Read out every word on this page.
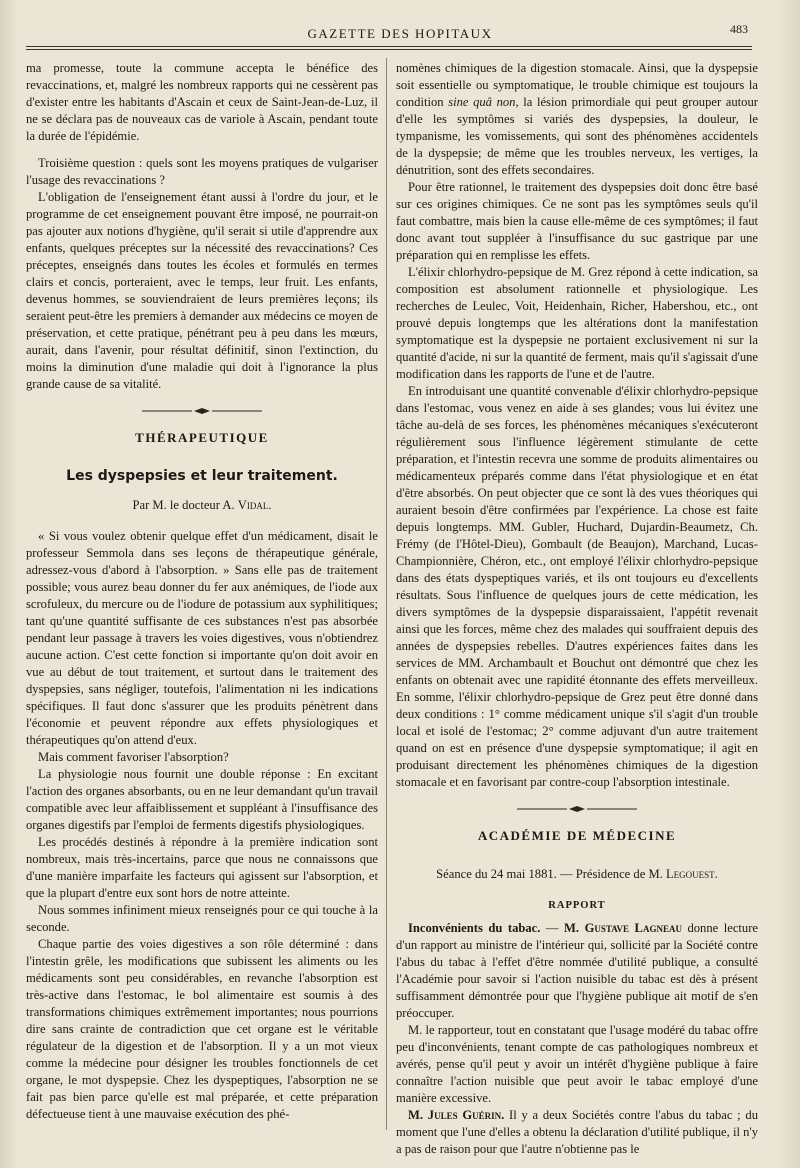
GAZETTE DES HOPITAUX	483

ma promesse, toute la commune accepta le bénéfice des revaccinations, et, malgré les nombreux rapports qui ne cessèrent pas d'exister entre les habitants d'Ascain et ceux de Saint-Jean-de-Luz, il ne se déclara pas de nouveaux cas de variole à Ascain, pendant toute la durée de l'épidémie.

Troisième question : quels sont les moyens pratiques de vulgariser l'usage des revaccinations ?

L'obligation de l'enseignement étant aussi à l'ordre du jour, et le programme de cet enseignement pouvant être imposé, ne pourrait-on pas ajouter aux notions d'hygiène, qu'il serait si utile d'apprendre aux enfants, quelques préceptes sur la nécessité des revaccinations? Ces préceptes, enseignés dans toutes les écoles et formulés en termes clairs et concis, porteraient, avec le temps, leur fruit. Les enfants, devenus hommes, se souviendraient de leurs premières leçons; ils seraient peut-être les premiers à demander aux médecins ce moyen de préservation, et cette pratique, pénétrant peu à peu dans les mœurs, aurait, dans l'avenir, pour résultat définitif, sinon l'extinction, du moins la diminution d'une maladie qui doit à l'ignorance la plus grande cause de sa vitalité.

THÉRAPEUTIQUE
Les dyspepsies et leur traitement.
Par M. le docteur A. Vidal.

« Si vous voulez obtenir quelque effet d'un médicament, disait le professeur Semmola dans ses leçons de thérapeutique générale, adressez-vous d'abord à l'absorption. » Sans elle pas de traitement possible; vous aurez beau donner du fer aux anémiques, de l'iode aux scrofuleux, du mercure ou de l'iodure de potassium aux syphilitiques; tant qu'une quantité suffisante de ces substances n'est pas absorbée pendant leur passage à travers les voies digestives, vous n'obtiendrez aucune action. C'est cette fonction si importante qu'on doit avoir en vue au début de tout traitement, et surtout dans le traitement des dyspepsies, sans négliger, toutefois, l'alimentation ni les indications spécifiques. Il faut donc s'assurer que les produits pénètrent dans l'économie et peuvent répondre aux effets physiologiques et thérapeutiques qu'on attend d'eux.

Mais comment favoriser l'absorption?

La physiologie nous fournit une double réponse : En excitant l'action des organes absorbants, ou en ne leur demandant qu'un travail compatible avec leur affaiblissement et suppléant à l'insuffisance des organes digestifs par l'emploi de ferments digestifs physiologiques.

Les procédés destinés à répondre à la première indication sont nombreux, mais très-incertains, parce que nous ne connaissons que d'une manière imparfaite les facteurs qui agissent sur l'absorption, et que la plupart d'entre eux sont hors de notre atteinte.

Nous sommes infiniment mieux renseignés pour ce qui touche à la seconde.

Chaque partie des voies digestives a son rôle déterminé : dans l'intestin grêle, les modifications que subissent les aliments ou les médicaments sont peu considérables, en revanche l'absorption est très-active dans l'estomac, le bol alimentaire est soumis à des transformations chimiques extrêmement importantes; nous pourrions dire sans crainte de contradiction que cet organe est le véritable régulateur de la digestion et de l'absorption. Il y a un mot vieux comme la médecine pour désigner les troubles fonctionnels de cet organe, le mot dyspepsie. Chez les dyspeptiques, l'absorption ne se fait pas bien parce qu'elle est mal préparée, et cette préparation défectueuse tient à une mauvaise exécution des phé-

nomènes chimiques de la digestion stomacale. Ainsi, que la dyspepsie soit essentielle ou symptomatique, le trouble chimique est toujours la condition sine quâ non, la lésion primordiale qui peut grouper autour d'elle les symptômes si variés des dyspepsies, la douleur, le tympanisme, les vomissements, qui sont des phénomènes accidentels de la dyspepsie; de même que les troubles nerveux, les vertiges, la dénutrition, sont des effets secondaires.

Pour être rationnel, le traitement des dyspepsies doit donc être basé sur ces origines chimiques. Ce ne sont pas les symptômes seuls qu'il faut combattre, mais bien la cause elle-même de ces symptômes; il faut donc avant tout suppléer à l'insuffisance du suc gastrique par une préparation qui en remplisse les effets.

L'élixir chlorhydro-pepsique de M. Grez répond à cette indication, sa composition est absolument rationnelle et physiologique. Les recherches de Leulec, Voit, Heidenhain, Richer, Habershou, etc., ont prouvé depuis longtemps que les altérations dont la manifestation symptomatique est la dyspepsie ne portaient exclusivement ni sur la quantité d'acide, ni sur la quantité de ferment, mais qu'il s'agissait d'une modification dans les rapports de l'une et de l'autre.

En introduisant une quantité convenable d'élixir chlorhydro-pepsique dans l'estomac, vous venez en aide à ses glandes; vous lui évitez une tâche au-delà de ses forces, les phénomènes mécaniques s'exécuteront régulièrement sous l'influence légèrement stimulante de cette préparation, et l'intestin recevra une somme de produits alimentaires ou médicamenteux préparés comme dans l'état physiologique et en état d'être absorbés. On peut objecter que ce sont là des vues théoriques qui auraient besoin d'être confirmées par l'expérience. La chose est faite depuis longtemps. MM. Gubler, Huchard, Dujardin-Beaumetz, Ch. Frémy (de l'Hôtel-Dieu), Gombault (de Beaujon), Marchand, Lucas-Championnière, Chéron, etc., ont employé l'élixir chlorhydro-pepsique dans des états dyspeptiques variés, et ils ont toujours eu d'excellents résultats. Sous l'influence de quelques jours de cette médication, les divers symptômes de la dyspepsie disparaissaient, l'appétit revenait ainsi que les forces, même chez des malades qui souffraient depuis des années de dyspepsies rebelles. D'autres expériences faites dans les services de MM. Archambault et Bouchut ont démontré que chez les enfants on obtenait avec une rapidité étonnante des effets merveilleux. En somme, l'élixir chlorhydro-pepsique de Grez peut être donné dans deux conditions : 1° comme médicament unique s'il s'agit d'un trouble local et isolé de l'estomac; 2° comme adjuvant d'un autre traitement quand on est en présence d'une dyspepsie symptomatique; il agit en produisant directement les phénomènes chimiques de la digestion stomacale et en favorisant par contre-coup l'absorption intestinale.

ACADÉMIE DE MÉDECINE
Séance du 24 mai 1881. — Présidence de M. Legouest.
RAPPORT

Inconvénients du tabac. — M. Gustave Lagneau donne lecture d'un rapport au ministre de l'intérieur qui, sollicité par la Société contre l'abus du tabac à l'effet d'être nommée d'utilité publique, a consulté l'Académie pour savoir si l'action nuisible du tabac est dès à présent suffisamment démontrée pour que l'hygiène publique ait motif de s'en préoccuper.

M. le rapporteur, tout en constatant que l'usage modéré du tabac offre peu d'inconvénients, tenant compte de cas pathologiques nombreux et avérés, pense qu'il peut y avoir un intérêt d'hygiène publique à faire connaître l'action nuisible que peut avoir le tabac employé d'une manière excessive.

M. Jules Guérin. Il y a deux Sociétés contre l'abus du tabac ; du moment que l'une d'elles a obtenu la déclaration d'utilité publique, il n'y a pas de raison pour que l'autre n'obtienne pas le
